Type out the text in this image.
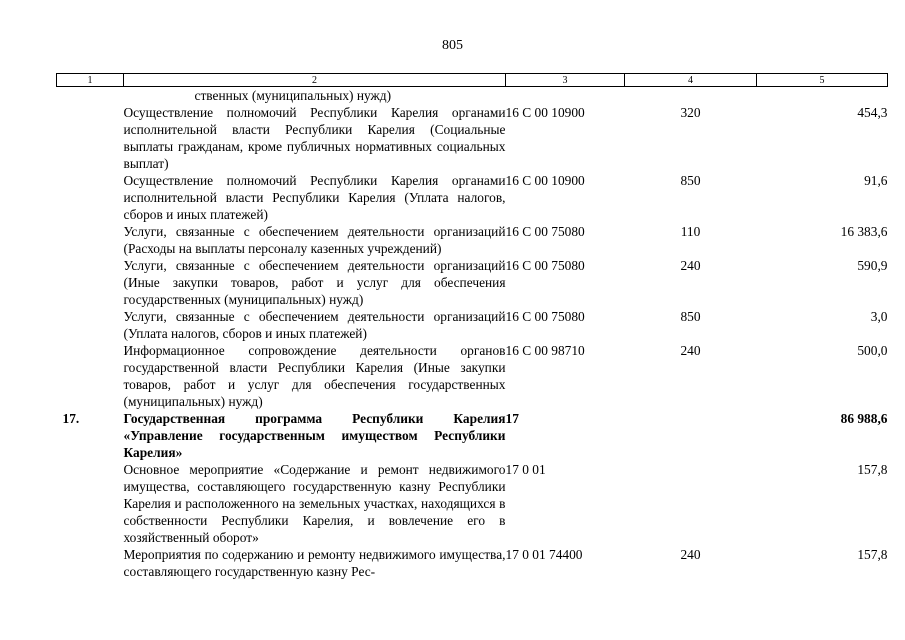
805
1	2	3	4	5
	ственных (муниципальных) нужд)			
	Осуществление полномочий Республики Карелия органами исполнительной власти Республики Карелия (Социальные выплаты гражданам, кроме публичных нормативных социальных выплат)	16 С 00 10900	320	454,3
	Осуществление полномочий Республики Карелия органами исполнительной власти Республики Карелия (Уплата налогов, сборов и иных платежей)	16 С 00 10900	850	91,6
	Услуги, связанные с обеспечением деятельности организаций (Расходы на выплаты персоналу казенных учреждений)	16 С 00 75080	110	16 383,6
	Услуги, связанные с обеспечением деятельности организаций (Иные закупки товаров, работ и услуг для обеспечения государственных (муниципальных) нужд)	16 С 00 75080	240	590,9
	Услуги, связанные с обеспечением деятельности организаций (Уплата налогов, сборов и иных платежей)	16 С 00 75080	850	3,0
	Информационное сопровождение деятельности органов государственной власти Республики Карелия (Иные закупки товаров, работ и услуг для обеспечения государственных (муниципальных) нужд)	16 С 00 98710	240	500,0
17.	Государственная программа Республики Карелия «Управление государственным имуществом Республики Карелия»	17		86 988,6
	Основное мероприятие «Содержание и ремонт недвижимого имущества, составляющего государственную казну Республики Карелия и расположенного на земельных участках, находящихся в собственности Республики Карелия, и вовлечение его в хозяйственный оборот»	17 0 01		157,8
	Мероприятия по содержанию и ремонту недвижимого имущества, составляющего государственную казну Рес-	17 0 01 74400	240	157,8
